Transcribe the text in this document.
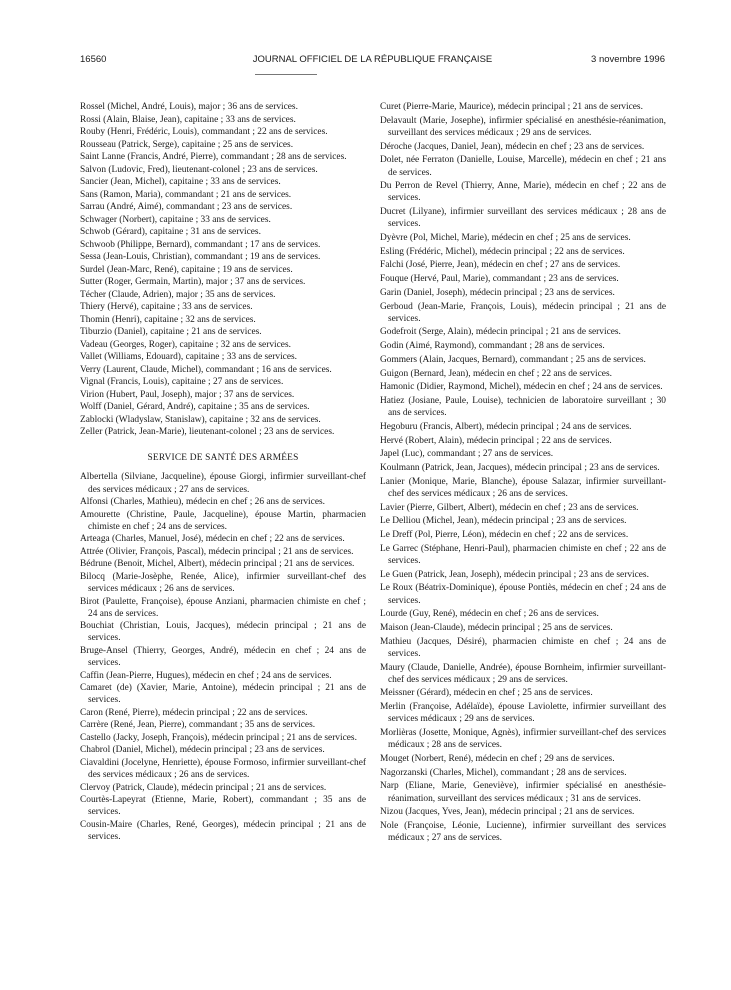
16560	JOURNAL OFFICIEL DE LA RÉPUBLIQUE FRANÇAISE	3 novembre 1996
Rossel (Michel, André, Louis), major ; 36 ans de services.
Rossi (Alain, Blaise, Jean), capitaine ; 33 ans de services.
Rouby (Henri, Frédéric, Louis), commandant ; 22 ans de services.
Rousseau (Patrick, Serge), capitaine ; 25 ans de services.
Saint Lanne (Francis, André, Pierre), commandant ; 28 ans de services.
Salvon (Ludovic, Fred), lieutenant-colonel ; 23 ans de services.
Sancier (Jean, Michel), capitaine ; 33 ans de services.
Sans (Ramon, Maria), commandant ; 21 ans de services.
Sarrau (André, Aimé), commandant ; 23 ans de services.
Schwager (Norbert), capitaine ; 33 ans de services.
Schwob (Gérard), capitaine ; 31 ans de services.
Schwoob (Philippe, Bernard), commandant ; 17 ans de services.
Sessa (Jean-Louis, Christian), commandant ; 19 ans de services.
Surdel (Jean-Marc, René), capitaine ; 19 ans de services.
Sutter (Roger, Germain, Martin), major ; 37 ans de services.
Técher (Claude, Adrien), major ; 35 ans de services.
Thiery (Hervé), capitaine ; 33 ans de services.
Thomin (Henri), capitaine ; 32 ans de services.
Tiburzio (Daniel), capitaine ; 21 ans de services.
Vadeau (Georges, Roger), capitaine ; 32 ans de services.
Vallet (Williams, Edouard), capitaine ; 33 ans de services.
Verry (Laurent, Claude, Michel), commandant ; 16 ans de services.
Vignal (Francis, Louis), capitaine ; 27 ans de services.
Virion (Hubert, Paul, Joseph), major ; 37 ans de services.
Wolff (Daniel, Gérard, André), capitaine ; 35 ans de services.
Zablocki (Wladyslaw, Stanislaw), capitaine ; 32 ans de services.
Zeller (Patrick, Jean-Marie), lieutenant-colonel ; 23 ans de services.
SERVICE DE SANTÉ DES ARMÉES
Albertella (Silviane, Jacqueline), épouse Giorgi, infirmier surveillant-chef des services médicaux ; 27 ans de services.
Alfonsi (Charles, Mathieu), médecin en chef ; 26 ans de services.
Amourette (Christine, Paule, Jacqueline), épouse Martin, pharmacien chimiste en chef ; 24 ans de services.
Arteaga (Charles, Manuel, José), médecin en chef ; 22 ans de services.
Attrée (Olivier, François, Pascal), médecin principal ; 21 ans de services.
Bédrune (Benoit, Michel, Albert), médecin principal ; 21 ans de services.
Bilocq (Marie-Josèphe, Renée, Alice), infirmier surveillant-chef des services médicaux ; 26 ans de services.
Birot (Paulette, Françoise), épouse Anziani, pharmacien chimiste en chef ; 24 ans de services.
Bouchiat (Christian, Louis, Jacques), médecin principal ; 21 ans de services.
Bruge-Ansel (Thierry, Georges, André), médecin en chef ; 24 ans de services.
Caffin (Jean-Pierre, Hugues), médecin en chef ; 24 ans de services.
Camaret (de) (Xavier, Marie, Antoine), médecin principal ; 21 ans de services.
Caron (René, Pierre), médecin principal ; 22 ans de services.
Carrère (René, Jean, Pierre), commandant ; 35 ans de services.
Castello (Jacky, Joseph, François), médecin principal ; 21 ans de services.
Chabrol (Daniel, Michel), médecin principal ; 23 ans de services.
Ciavaldini (Jocelyne, Henriette), épouse Formoso, infirmier surveillant-chef des services médicaux ; 26 ans de services.
Clervoy (Patrick, Claude), médecin principal ; 21 ans de services.
Courtès-Lapeyrat (Etienne, Marie, Robert), commandant ; 35 ans de services.
Cousin-Maire (Charles, René, Georges), médecin principal ; 21 ans de services.
Curet (Pierre-Marie, Maurice), médecin principal ; 21 ans de services.
Delavault (Marie, Josephe), infirmier spécialisé en anesthésie-réanimation, surveillant des services médicaux ; 29 ans de services.
Déroche (Jacques, Daniel, Jean), médecin en chef ; 23 ans de services.
Dolet, née Ferraton (Danielle, Louise, Marcelle), médecin en chef ; 21 ans de services.
Du Perron de Revel (Thierry, Anne, Marie), médecin en chef ; 22 ans de services.
Ducret (Lilyane), infirmier surveillant des services médicaux ; 28 ans de services.
Dyèvre (Pol, Michel, Marie), médecin en chef ; 25 ans de services.
Esling (Frédéric, Michel), médecin principal ; 22 ans de services.
Falchi (José, Pierre, Jean), médecin en chef ; 27 ans de services.
Fouque (Hervé, Paul, Marie), commandant ; 23 ans de services.
Garin (Daniel, Joseph), médecin principal ; 23 ans de services.
Gerboud (Jean-Marie, François, Louis), médecin principal ; 21 ans de services.
Godefroit (Serge, Alain), médecin principal ; 21 ans de services.
Godin (Aimé, Raymond), commandant ; 28 ans de services.
Gommers (Alain, Jacques, Bernard), commandant ; 25 ans de services.
Guigon (Bernard, Jean), médecin en chef ; 22 ans de services.
Hamonic (Didier, Raymond, Michel), médecin en chef ; 24 ans de services.
Hatiez (Josiane, Paule, Louise), technicien de laboratoire surveillant ; 30 ans de services.
Hegoburu (Francis, Albert), médecin principal ; 24 ans de services.
Hervé (Robert, Alain), médecin principal ; 22 ans de services.
Japel (Luc), commandant ; 27 ans de services.
Koulmann (Patrick, Jean, Jacques), médecin principal ; 23 ans de services.
Lanier (Monique, Marie, Blanche), épouse Salazar, infirmier surveillant-chef des services médicaux ; 26 ans de services.
Lavier (Pierre, Gilbert, Albert), médecin en chef ; 23 ans de services.
Le Delliou (Michel, Jean), médecin principal ; 23 ans de services.
Le Dreff (Pol, Pierre, Léon), médecin en chef ; 22 ans de services.
Le Garrec (Stéphane, Henri-Paul), pharmacien chimiste en chef ; 22 ans de services.
Le Guen (Patrick, Jean, Joseph), médecin principal ; 23 ans de services.
Le Roux (Béatrix-Dominique), épouse Pontiès, médecin en chef ; 24 ans de services.
Lourde (Guy, René), médecin en chef ; 26 ans de services.
Maison (Jean-Claude), médecin principal ; 25 ans de services.
Mathieu (Jacques, Désiré), pharmacien chimiste en chef ; 24 ans de services.
Maury (Claude, Danielle, Andrée), épouse Bornheim, infirmier surveillant-chef des services médicaux ; 29 ans de services.
Meissner (Gérard), médecin en chef ; 25 ans de services.
Merlin (Françoise, Adélaïde), épouse Laviolette, infirmier surveillant des services médicaux ; 29 ans de services.
Morlièras (Josette, Monique, Agnès), infirmier surveillant-chef des services médicaux ; 28 ans de services.
Mouget (Norbert, René), médecin en chef ; 29 ans de services.
Nagorzanski (Charles, Michel), commandant ; 28 ans de services.
Narp (Eliane, Marie, Geneviève), infirmier spécialisé en anesthésie-réanimation, surveillant des services médicaux ; 31 ans de services.
Nizou (Jacques, Yves, Jean), médecin principal ; 21 ans de services.
Nole (Françoise, Léonie, Lucienne), infirmier surveillant des services médicaux ; 27 ans de services.
